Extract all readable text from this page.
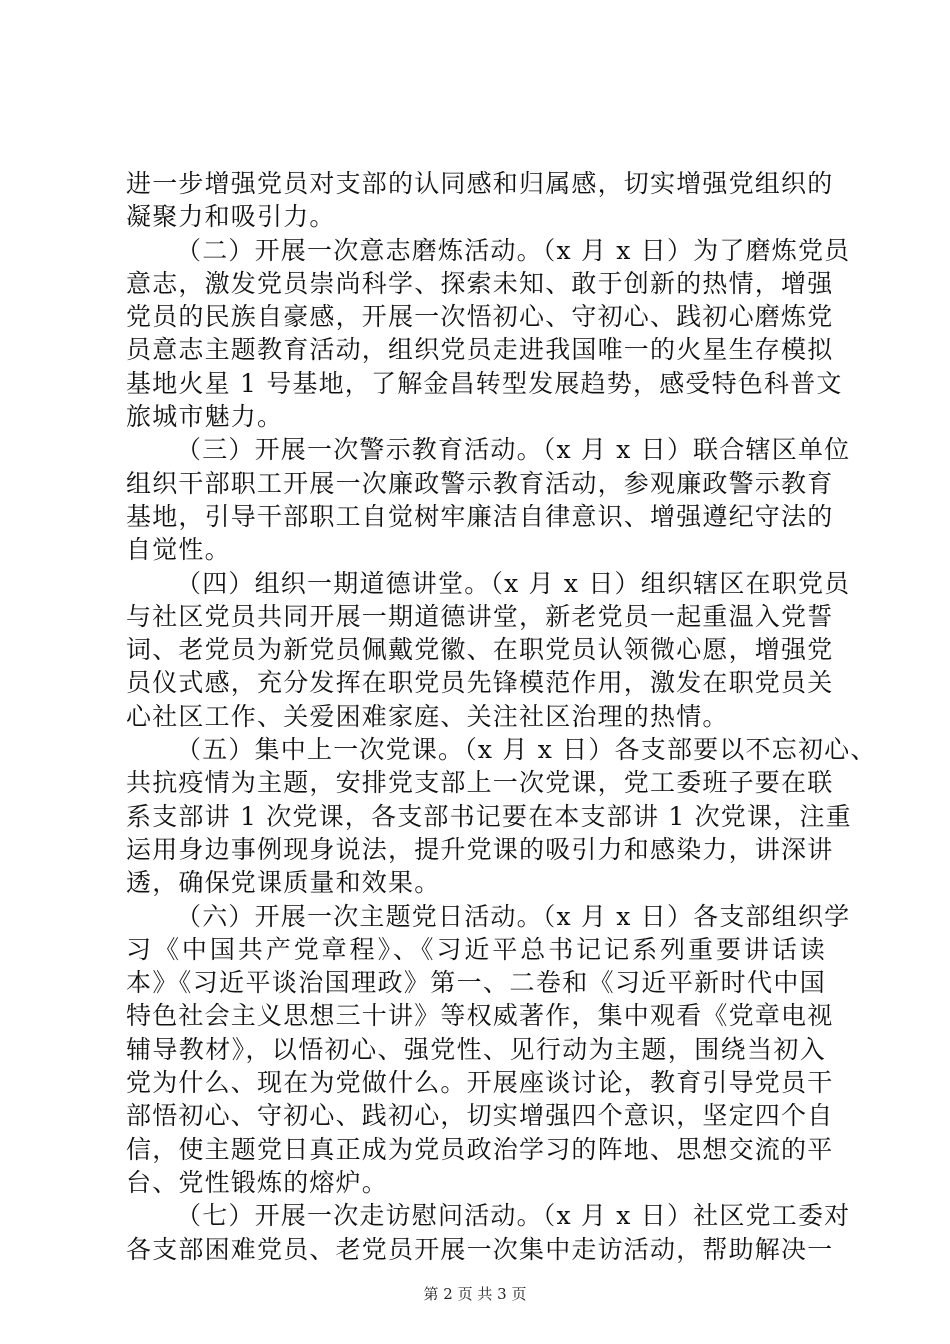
进一步增强党员对支部的认同感和归属感，切实增强党组织的
凝聚力和吸引力。
（二）开展一次意志磨炼活动。（x 月 x 日）为了磨炼党员
意志，激发党员崇尚科学、探索未知、敢于创新的热情，增强
党员的民族自豪感，开展一次悟初心、守初心、践初心磨炼党
员意志主题教育活动，组织党员走进我国唯一的火星生存模拟
基地火星 1 号基地，了解金昌转型发展趋势，感受特色科普文
旅城市魅力。
（三）开展一次警示教育活动。（x 月 x 日）联合辖区单位
组织干部职工开展一次廉政警示教育活动，参观廉政警示教育
基地，引导干部职工自觉树牢廉洁自律意识、增强遵纪守法的
自觉性。
（四）组织一期道德讲堂。（x 月 x 日）组织辖区在职党员
与社区党员共同开展一期道德讲堂，新老党员一起重温入党誓
词、老党员为新党员佩戴党徽、在职党员认领微心愿，增强党
员仪式感，充分发挥在职党员先锋模范作用，激发在职党员关
心社区工作、关爱困难家庭、关注社区治理的热情。
（五）集中上一次党课。（x 月 x 日）各支部要以不忘初心、
共抗疫情为主题，安排党支部上一次党课，党工委班子要在联
系支部讲 1 次党课，各支部书记要在本支部讲 1 次党课，注重
运用身边事例现身说法，提升党课的吸引力和感染力，讲深讲
透，确保党课质量和效果。
（六）开展一次主题党日活动。（x 月 x 日）各支部组织学
习《中国共产党章程》、《习近平总书记记系列重要讲话读
本》《习近平谈治国理政》第一、二卷和《习近平新时代中国
特色社会主义思想三十讲》等权威著作，集中观看《党章电视
辅导教材》，以悟初心、强党性、见行动为主题，围绕当初入
党为什么、现在为党做什么。开展座谈讨论，教育引导党员干
部悟初心、守初心、践初心，切实增强四个意识，坚定四个自
信，使主题党日真正成为党员政治学习的阵地、思想交流的平
台、党性锻炼的熔炉。
（七）开展一次走访慰问活动。（x 月 x 日）社区党工委对
各支部困难党员、老党员开展一次集中走访活动，帮助解决一
第 2 页 共 3 页
